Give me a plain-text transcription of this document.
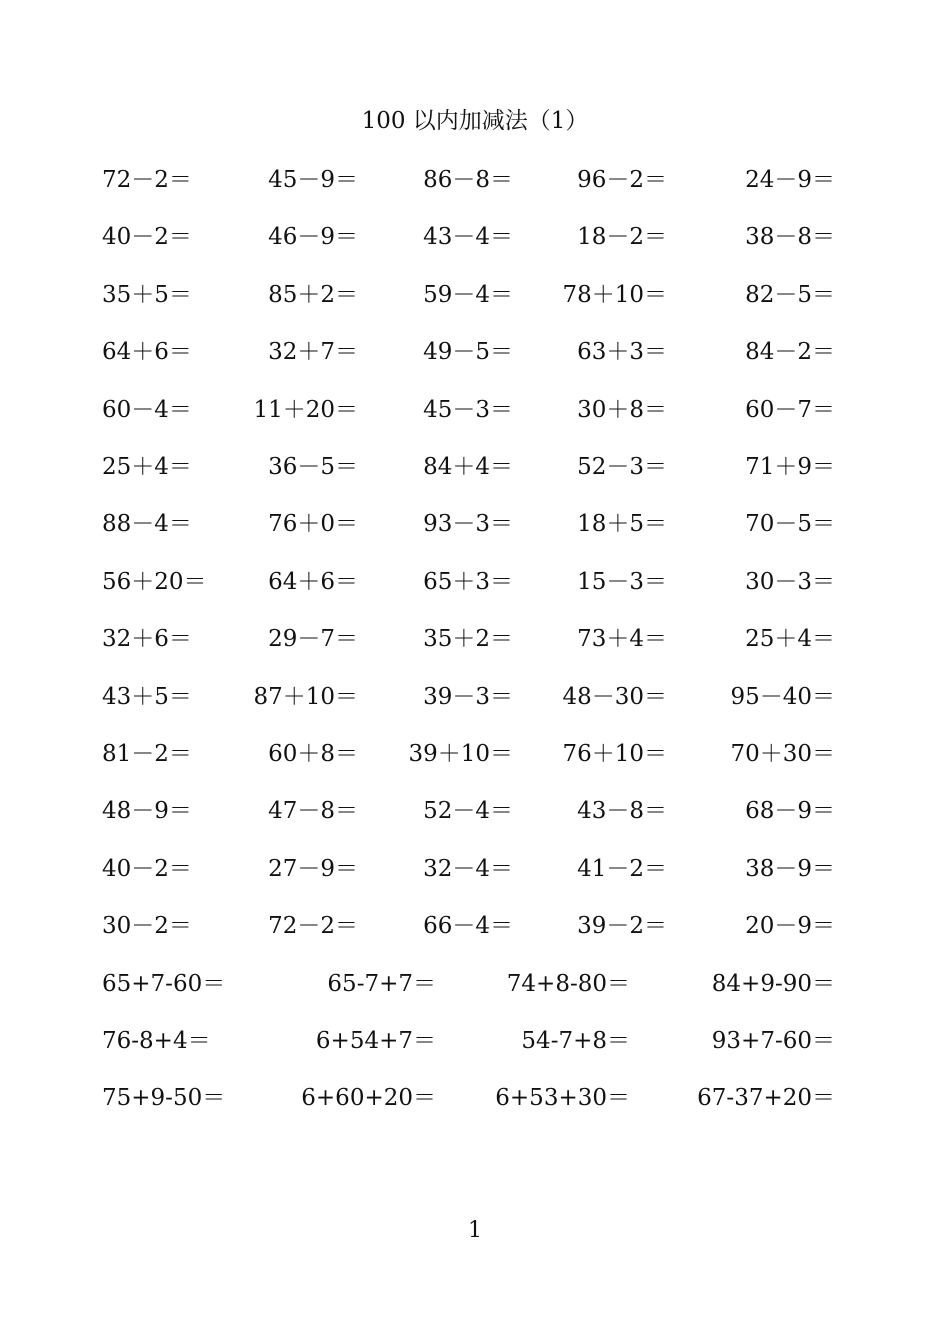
100 以内加减法（1）
72－2＝	45－9＝	86－8＝	96－2＝	24－9＝
40－2＝	46－9＝	43－4＝	18－2＝	38－8＝
35＋5＝	85＋2＝	59－4＝ 78＋10＝	82－5＝
64＋6＝	32＋7＝	49－5＝	63＋3＝	84－2＝
60－4＝	11＋20＝	45－3＝	30＋8＝	60－7＝
25＋4＝	36－5＝	84＋4＝	52－3＝	71＋9＝
88－4＝	76＋0＝	93－3＝	18＋5＝	70－5＝
56＋20＝	64＋6＝	65＋3＝	15－3＝	30－3＝
32＋6＝	29－7＝	35＋2＝	73＋4＝	25＋4＝
43＋5＝	87＋10＝	39－3＝ 48－30＝	95－40＝
81－2＝	60＋8＝ 39＋10＝ 76＋10＝	70＋30＝
48－9＝	47－8＝	52－4＝	43－8＝	68－9＝
40－2＝	27－9＝	32－4＝	41－2＝	38－9＝
30－2＝	72－2＝	66－4＝	39－2＝	20－9＝
65+7-60＝	65-7+7＝	74+8-80＝	84+9-90＝
76-8+4＝	6+54+7＝	54-7+8＝	93+7-60＝
75+9-50＝	6+60+20＝	6+53+30＝	67-37+20＝
1
